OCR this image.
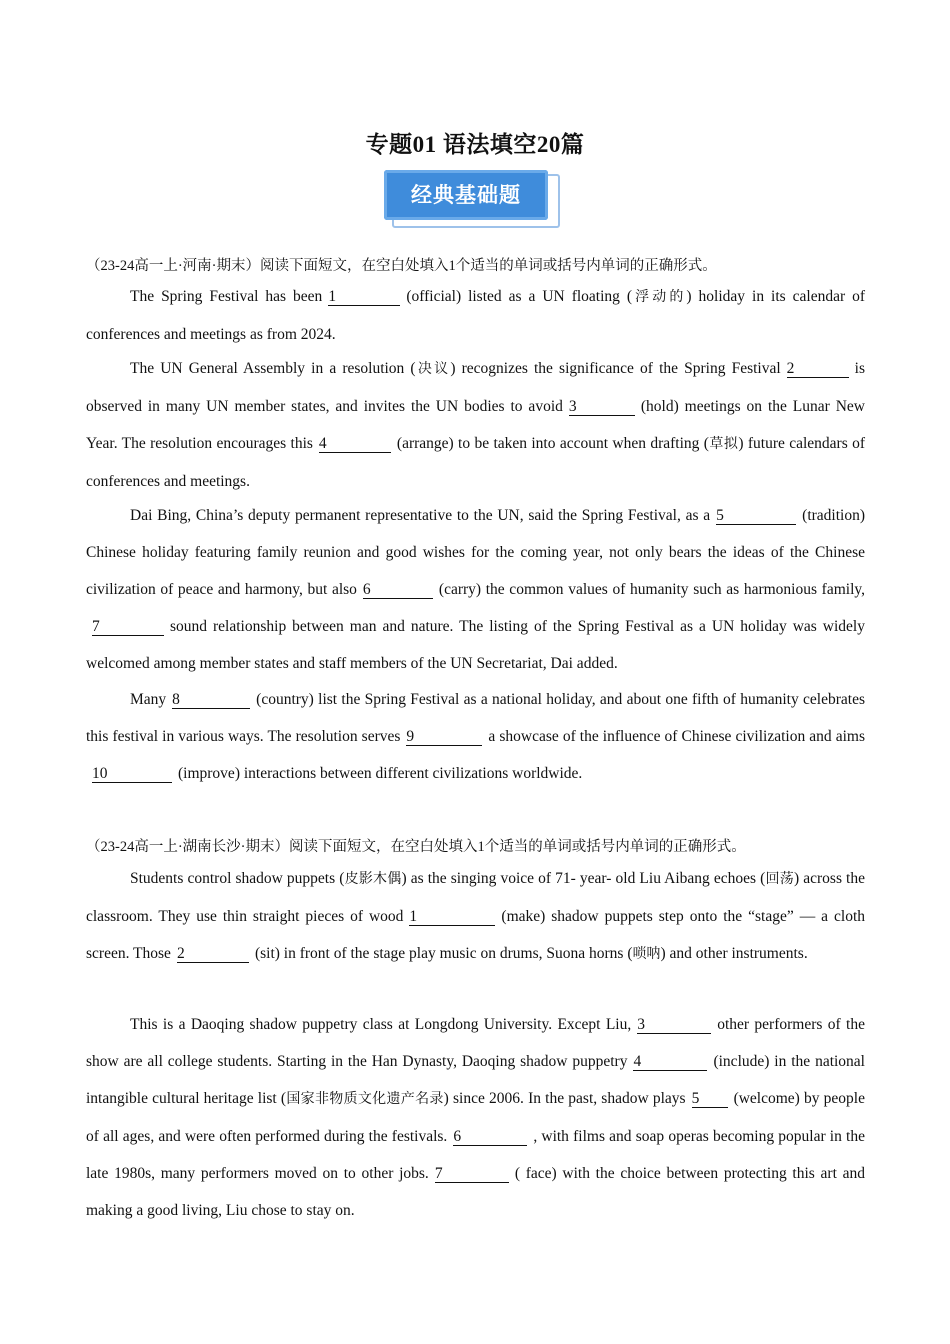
专题01 语法填空20篇
经典基础题
（23-24高一上·河南·期末）阅读下面短文，在空白处填入1个适当的单词或括号内单词的正确形式。
The Spring Festival has been 1	(official) listed as a UN floating (浮动的) holiday in its calendar of conferences and meetings as from 2024.
The UN General Assembly in a resolution (决议) recognizes the significance of the Spring Festival 2	is observed in many UN member states, and invites the UN bodies to avoid 3	(hold) meetings on the Lunar New Year. The resolution encourages this 4	(arrange) to be taken into account when drafting (草拟) future calendars of conferences and meetings.
Dai Bing, China’s deputy permanent representative to the UN, said the Spring Festival, as a 5	(tradition) Chinese holiday featuring family reunion and good wishes for the coming year, not only bears the ideas of the Chinese civilization of peace and harmony, but also 6	(carry) the common values of humanity such as harmonious family,7	sound relationship between man and nature. The listing of the Spring Festival as a UN holiday was widely welcomed among member states and staff members of the UN Secretariat, Dai added.
Many 8	(country) list the Spring Festival as a national holiday, and about one fifth of humanity celebrates this festival in various ways. The resolution serves 9	a showcase of the influence of Chinese civilization and aims10	(improve) interactions between different civilizations worldwide.
（23-24高一上·湖南长沙·期末）阅读下面短文，在空白处填入1个适当的单词或括号内单词的正确形式。
Students control shadow puppets (皮影木偶) as the singing voice of 71- year- old Liu Aibang echoes (回荡) across the classroom. They use thin straight pieces of wood 1	(make) shadow puppets step onto the “stage” — a cloth screen. Those 2	(sit) in front of the stage play music on drums, Suona horns (唢呐) and other instruments.
This is a Daoqing shadow puppetry class at Longdong University. Except Liu, 3	other performers of the show are all college students. Starting in the Han Dynasty, Daoqing shadow puppetry 4	(include) in the national intangible cultural heritage list (国家非物质文化遗产名录) since 2006. In the past, shadow plays 5 (welcome) by people of all ages, and were often performed during the festivals. 6	, with films and soap operas becoming popular in the late 1980s, many performers moved on to other jobs. 7	( face) with the choice between protecting this art and making a good living, Liu chose to stay on.
